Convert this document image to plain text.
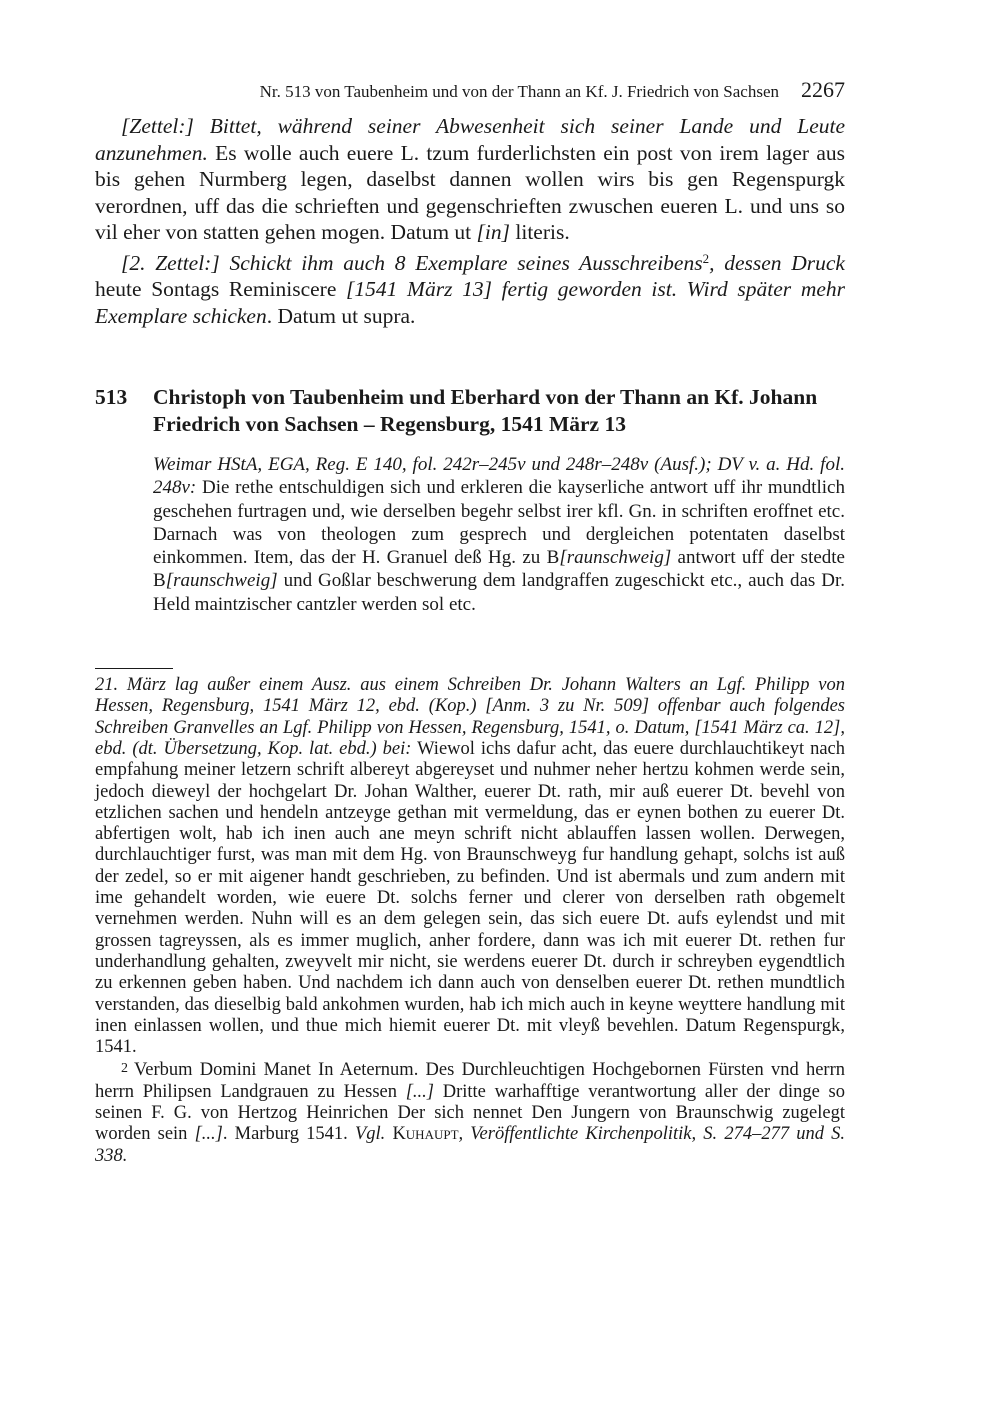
Nr. 513 von Taubenheim und von der Thann an Kf. J. Friedrich von Sachsen 2267

[Zettel:] Bittet, während seiner Abwesenheit sich seiner Lande und Leute anzunehmen. Es wolle auch euere L. tzum furderlichsten ein post von irem lager aus bis gehen Nurmberg legen, daselbst dannen wollen wirs bis gen Regenspurgk verordnen, uff das die schrieften und gegenschrieften zwuschen eueren L. und uns so vil eher von statten gehen mogen. Datum ut [in] literis.

[2. Zettel:] Schickt ihm auch 8 Exemplare seines Ausschreibens$^2$, dessen Druck heute Sontags Reminiscere [1541 März 13] fertig geworden ist. Wird später mehr Exemplare schicken. Datum ut supra.

513	Christoph von Taubenheim und Eberhard von der Thann an Kf. Johann Friedrich von Sachsen – Regensburg, 1541 März 13

Weimar HStA, EGA, Reg. E 140, fol. 242r–245v und 248r–248v (Ausf.); DV v. a. Hd. fol. 248v: Die rethe entschuldigen sich und erkleren die kayserliche antwort uff ihr mundtlich geschehen furtragen und, wie derselben begehr selbst irer kfl. Gn. in schriften eroffnet etc. Darnach was von theologen zum gesprech und dergleichen potentaten daselbst einkommen. Item, das der H. Granuel deß Hg. zu B[raunschweig] antwort uff der stedte B[raunschweig] und Goßlar beschwerung dem landgraffen zugeschickt etc., auch das Dr. Held maintzischer cantzler werden sol etc.

21. März lag außer einem Ausz. aus einem Schreiben Dr. Johann Walters an Lgf. Philipp von Hessen, Regensburg, 1541 März 12, ebd. (Kop.) [Anm. 3 zu Nr. 509] offenbar auch folgendes Schreiben Granvelles an Lgf. Philipp von Hessen, Regensburg, 1541, o. Datum, [1541 März ca. 12], ebd. (dt. Übersetzung, Kop. lat. ebd.) bei: Wiewol ichs dafur acht, das euere durchlauchtikeyt nach empfahung meiner letzern schrift albereyt abgereyset und nuhmer neher hertzu kohmen werde sein, jedoch dieweyl der hochgelart Dr. Johan Walther, euerer Dt. rath, mir auß euerer Dt. bevehl von etzlichen sachen und hendeln antzeyge gethan mit vermeldung, das er eynen bothen zu euerer Dt. abfertigen wolt, hab ich inen auch ane meyn schrift nicht ablauffen lassen wollen. Derwegen, durchlauchtiger furst, was man mit dem Hg. von Braunschweyg fur handlung gehapt, solchs ist auß der zedel, so er mit aigener handt geschrieben, zu befinden. Und ist abermals und zum andern mit ime gehandelt worden, wie euere Dt. solchs ferner und clerer von derselben rath obgemelt vernehmen werden. Nuhn will es an dem gelegen sein, das sich euere Dt. aufs eylendst und mit grossen tagreyssen, als es immer muglich, anher fordere, dann was ich mit euerer Dt. rethen fur underhandlung gehalten, zweyvelt mir nicht, sie werdens euerer Dt. durch ir schreyben eygendtlich zu erkennen geben haben. Und nachdem ich dann auch von denselben euerer Dt. rethen mundtlich verstanden, das dieselbig bald ankohmen wurden, hab ich mich auch in keyne weyttere handlung mit inen einlassen wollen, und thue mich hiemit euerer Dt. mit vleyß bevehlen. Datum Regenspurgk, 1541.

2 Verbum Domini Manet In Aeternum. Des Durchleuchtigen Hochgebornen Fürsten vnd herrn herrn Philipsen Landgrauen zu Hessen [...] Dritte warhafftige verantwortung aller der dinge so seinen F. G. von Hertzog Heinrichen Der sich nennet Den Jungern von Braunschwig zugelegt worden sein [...]. Marburg 1541. Vgl. Kuhaupt, Veröffentlichte Kirchenpolitik, S. 274–277 und S. 338.
